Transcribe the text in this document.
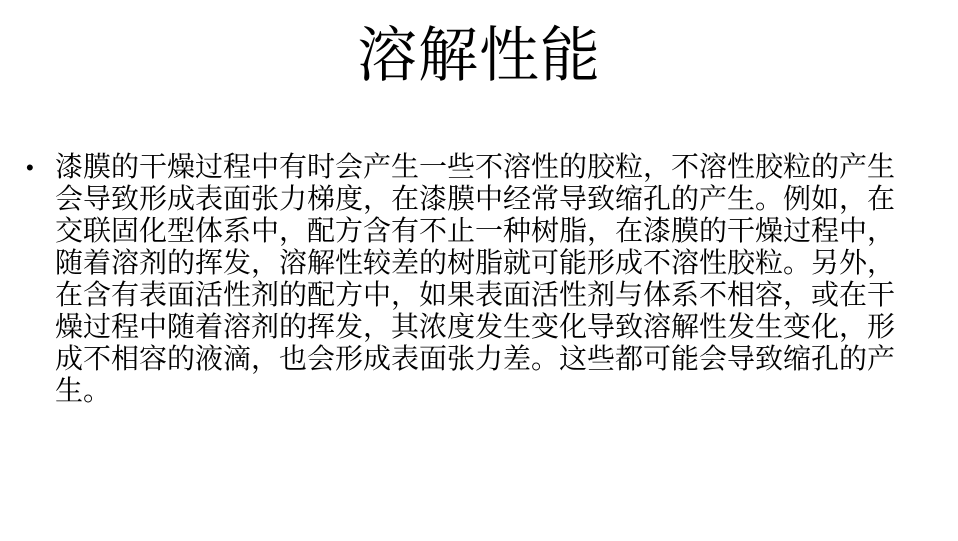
溶解性能
• 漆膜的干燥过程中有时会产生一些不溶性的胶粒，不溶性胶粒的产生
会导致形成表面张力梯度，在漆膜中经常导致缩孔的产生。例如，在
交联固化型体系中，配方含有不止一种树脂，在漆膜的干燥过程中，
随着溶剂的挥发，溶解性较差的树脂就可能形成不溶性胶粒。另外，
在含有表面活性剂的配方中，如果表面活性剂与体系不相容，或在干
燥过程中随着溶剂的挥发，其浓度发生变化导致溶解性发生变化，形
成不相容的液滴，也会形成表面张力差。这些都可能会导致缩孔的产
生。
